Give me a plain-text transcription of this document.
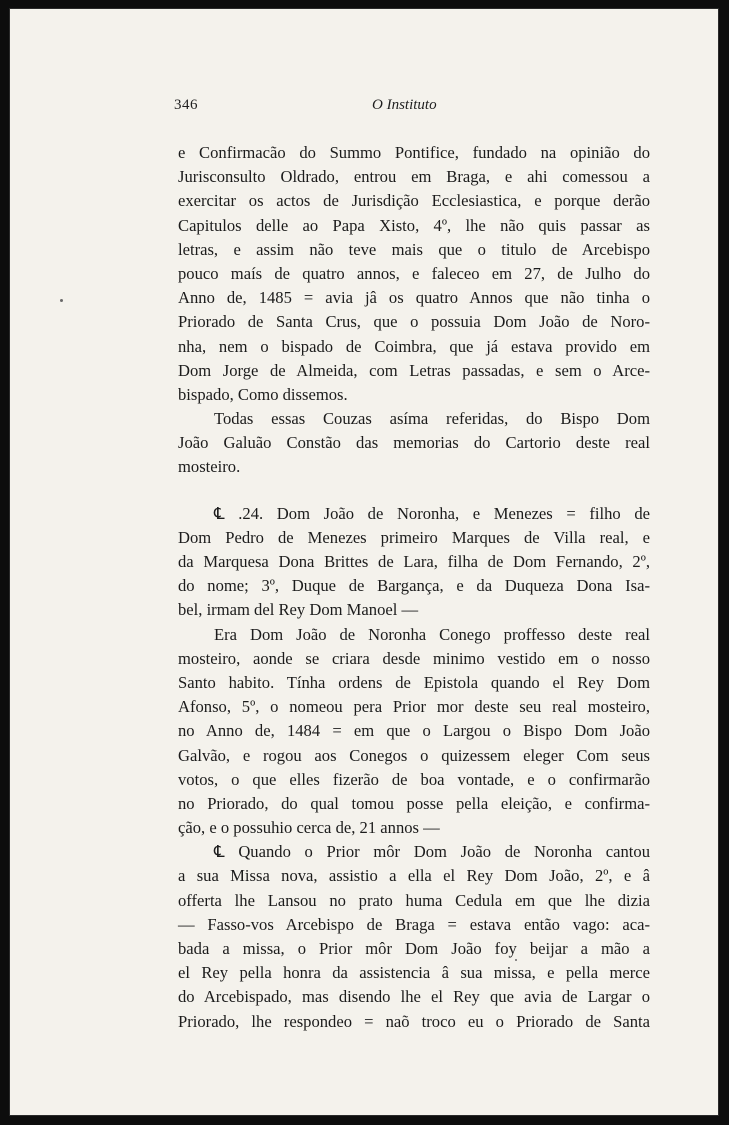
346	O Instituto
e Confirmacão do Summo Pontifice, fundado na opinião do
Jurisconsulto Oldrado, entrou em Braga, e ahi comessou a
exercitar os actos de Jurisdição Ecclesiastica, e porque derão
Capitulos delle ao Papa Xisto, 4º, lhe não quis passar as
letras, e assim não teve mais que o titulo de Arcebispo
pouco maís de quatro annos, e faleceo em 27, de Julho do
Anno de, 1485 = avia jâ os quatro Annos que não tinha o
Priorado de Santa Crus, que o possuia Dom João de Noro-
nha, nem o bispado de Coimbra, que já estava provido em
Dom Jorge de Almeida, com Letras passadas, e sem o Arce-
bispado, Como dissemos.
Todas essas Couzas asíma referidas, do Bispo Dom
João Galuão Constão das memorias do Cartorio deste real
mosteiro.
℄ .24. Dom João de Noronha, e Menezes = filho de
Dom Pedro de Menezes primeiro Marques de Villa real, e
da Marquesa Dona Brittes de Lara, filha de Dom Fernando, 2º,
do nome; 3º, Duque de Bargança, e da Duqueza Dona Isa-
bel, irmam del Rey Dom Manoel —
Era Dom João de Noronha Conego proffesso deste real
mosteiro, aonde se criara desde minimo vestido em o nosso
Santo habito. Tínha ordens de Epistola quando el Rey Dom
Afonso, 5º, o nomeou pera Prior mor deste seu real mosteiro,
no Anno de, 1484 = em que o Largou o Bispo Dom João
Galvão, e rogou aos Conegos o quizessem eleger Com seus
votos, o que elles fizerão de boa vontade, e o confirmarão
no Priorado, do qual tomou posse pella eleição, e confirma-
ção, e o possuhio cerca de, 21 annos —
℄ Quando o Prior môr Dom João de Noronha cantou
a sua Missa nova, assistio a ella el Rey Dom João, 2º, e â
offerta lhe Lansou no prato huma Cedula em que lhe dizia
— Fasso-vos Arcebispo de Braga = estava então vago: aca-
bada a missa, o Prior môr Dom João foy beijar a mão a
el Rey pella honra da assistencia â sua missa, e pella merce
do Arcebispado, mas disendo lhe el Rey que avia de Largar o
Priorado, lhe respondeo = naõ troco eu o Priorado de Santa
